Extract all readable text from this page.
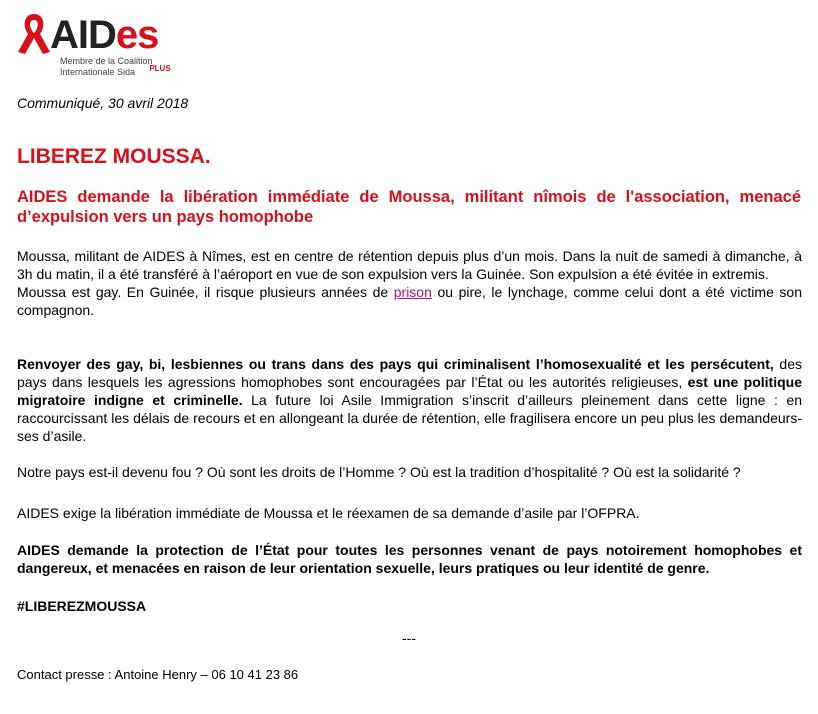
AIDes
Membre de la Coalition
Internationale Sida	PLUS
Communiqué, 30 avril 2018
LIBEREZ MOUSSA.
AIDES demande la libération immédiate de Moussa, militant nîmois de l'association, menacé d’expulsion vers un pays homophobe
Moussa, militant de AIDES à Nîmes, est en centre de rétention depuis plus d’un mois. Dans la nuit de samedi à dimanche, à 3h du matin, il a été transféré à l’aéroport en vue de son expulsion vers la Guinée. Son expulsion a été évitée in extremis.
Moussa est gay. En Guinée, il risque plusieurs années de prison ou pire, le lynchage, comme celui dont a été victime son compagnon.
Renvoyer des gay, bi, lesbiennes ou trans dans des pays qui criminalisent l’homosexualité et les persécutent, des pays dans lesquels les agressions homophobes sont encouragées par l’État ou les autorités religieuses, est une politique migratoire indigne et criminelle. La future loi Asile Immigration s’inscrit d’ailleurs pleinement dans cette ligne : en raccourcissant les délais de recours et en allongeant la durée de rétention, elle fragilisera encore un peu plus les demandeurs-ses d’asile.
Notre pays est-il devenu fou ? Où sont les droits de l’Homme ? Où est la tradition d’hospitalité ? Où est la solidarité ?
AIDES exige la libération immédiate de Moussa et le réexamen de sa demande d’asile par l’OFPRA.
AIDES demande la protection de l’État pour toutes les personnes venant de pays notoirement homophobes et dangereux, et menacées en raison de leur orientation sexuelle, leurs pratiques ou leur identité de genre.
#LIBEREZMOUSSA
---
Contact presse : Antoine Henry – 06 10 41 23 86
